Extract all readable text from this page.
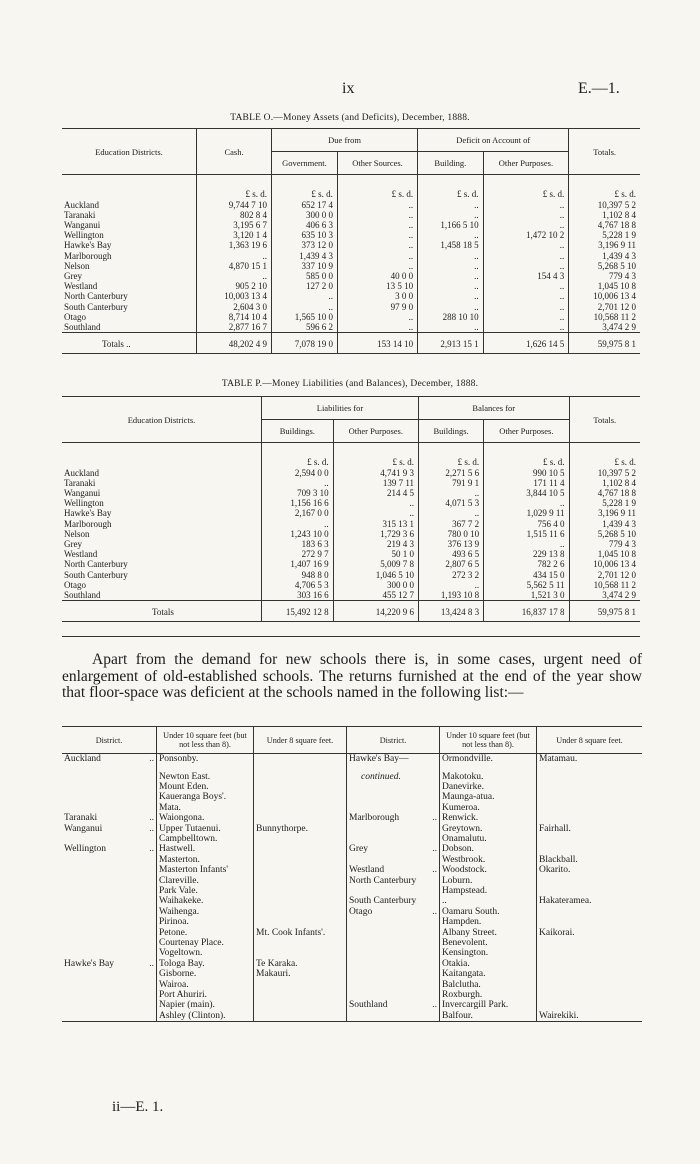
ix	E.—1.
TABLE O.—Money Assets (and Deficits), December, 1888.
Education Districts.	Cash.	Due from		Deficit on Account of		Totals.
		Government.	Other Sources.	Building.	Other Purposes.	
	£ s. d.	£ s. d.	£ s. d.	£ s. d.	£ s. d.	£ s. d.
Auckland	9,744 7 10	652 17 4	..	..	..	10,397 5 2
Taranaki	802 8 4	300 0 0	..	..	..	1,102 8 4
Wanganui	3,195 6 7	406 6 3	..	1,166 5 10	..	4,767 18 8
Wellington	3,120 1 4	635 10 3	..	..	1,472 10 2	5,228 1 9
Hawke's Bay	1,363 19 6	373 12 0	..	1,458 18 5	..	3,196 9 11
Marlborough	..	1,439 4 3	..	..	..	1,439 4 3
Nelson	4,870 15 1	337 10 9	..	..	..	5,268 5 10
Grey	..	585 0 0	40 0 0	..	154 4 3	779 4 3
Westland	905 2 10	127 2 0	13 5 10	..	..	1,045 10 8
North Canterbury	10,003 13 4	..	3 0 0	..	..	10,006 13 4
South Canterbury	2,604 3 0	..	97 9 0	..	..	2,701 12 0
Otago	8,714 10 4	1,565 10 0	..	288 10 10	..	10,568 11 2
Southland	2,877 16 7	596 6 2	..	..	..	3,474 2 9
Totals ..	48,202 4 9	7,078 19 0	153 14 10	2,913 15 1	1,626 14 5	59,975 8 1
TABLE P.—Money Liabilities (and Balances), December, 1888.
Education Districts.	Liabilities for		Balances for		Totals.
	Buildings.	Other Purposes.	Buildings.	Other Purposes.	
	£ s. d.	£ s. d.	£ s. d.	£ s. d.	£ s. d.
Auckland	2,594 0 0	4,741 9 3	2,271 5 6	990 10 5	10,397 5 2
Taranaki	..	139 7 11	791 9 1	171 11 4	1,102 8 4
Wanganui	709 3 10	214 4 5	..	3,844 10 5	4,767 18 8
Wellington	1,156 16 6	..	4,071 5 3	..	5,228 1 9
Hawke's Bay	2,167 0 0	..	..	1,029 9 11	3,196 9 11
Marlborough	..	315 13 1	367 7 2	756 4 0	1,439 4 3
Nelson	1,243 10 0	1,729 3 6	780 0 10	1,515 11 6	5,268 5 10
Grey	183 6 3	219 4 3	376 13 9	..	779 4 3
Westland	272 9 7	50 1 0	493 6 5	229 13 8	1,045 10 8
North Canterbury	1,407 16 9	5,009 7 8	2,807 6 5	782 2 6	10,006 13 4
South Canterbury	948 8 0	1,046 5 10	272 3 2	434 15 0	2,701 12 0
Otago	4,706 5 3	300 0 0	..	5,562 5 11	10,568 11 2
Southland	303 16 6	455 12 7	1,193 10 8	1,521 3 0	3,474 2 9
Totals	15,492 12 8	14,220 9 6	13,424 8 3	16,837 17 8	59,975 8 1

Apart from the demand for new schools there is, in some cases, urgent need of enlargement of old-established schools. The returns furnished at the end of the year show that floor-space was deficient at the schools named in the following list:—

District.	Under 10 square feet (but not less than 8).	Under 8 square feet.	District.	Under 10 square feet (but not less than 8).	Under 8 square feet.
Auckland ..	Ponsonby.		Hawke's Bay—	Ormondville.	Matamau.

	Newton East.		continued.	Makotoku.	

	Mount Eden.			Danevirke.	

	Kaueranga Boys'.			Maunga-atua.	

	Mata.			Kumeroa.	
Taranaki ..	Waiongona.		Marlborough ..	Renwick.	
Wanganui ..	Upper Tutaenui.	Bunnythorpe.		Greytown.	Fairhall.

	Campbelltown.			Onamalutu.	
Wellington ..	Hastwell.		Grey ..	Dobson.	

	Masterton.			Westbrook.	Blackball.

	Masterton Infants'		Westland ..	Woodstock.	Okarito.

	Clareville.		North Canterbury	Loburn.	

	Park Vale.			Hampstead.	

	Waihakeke.		South Canterbury	..	Hakateramea.

	Waihenga.		Otago ..	Oamaru South.	

	Pirinoa.			Hampden.	

	Petone.	Mt. Cook Infants'.		Albany Street.	Kaikorai.

	Courtenay Place.			Benevolent.	

	Vogeltown.			Kensington.	
Hawke's Bay ..	Tologa Bay.	Te Karaka.		Otakia.	

	Gisborne.	Makauri.		Kaitangata.	

	Wairoa.			Balclutha.	

	Port Ahuriri.			Roxburgh.	

	Napier (main).		Southland ..	Invercargill Park.	

	Ashley (Clinton).			Balfour.	Wairekiki.
ii—E. 1.
